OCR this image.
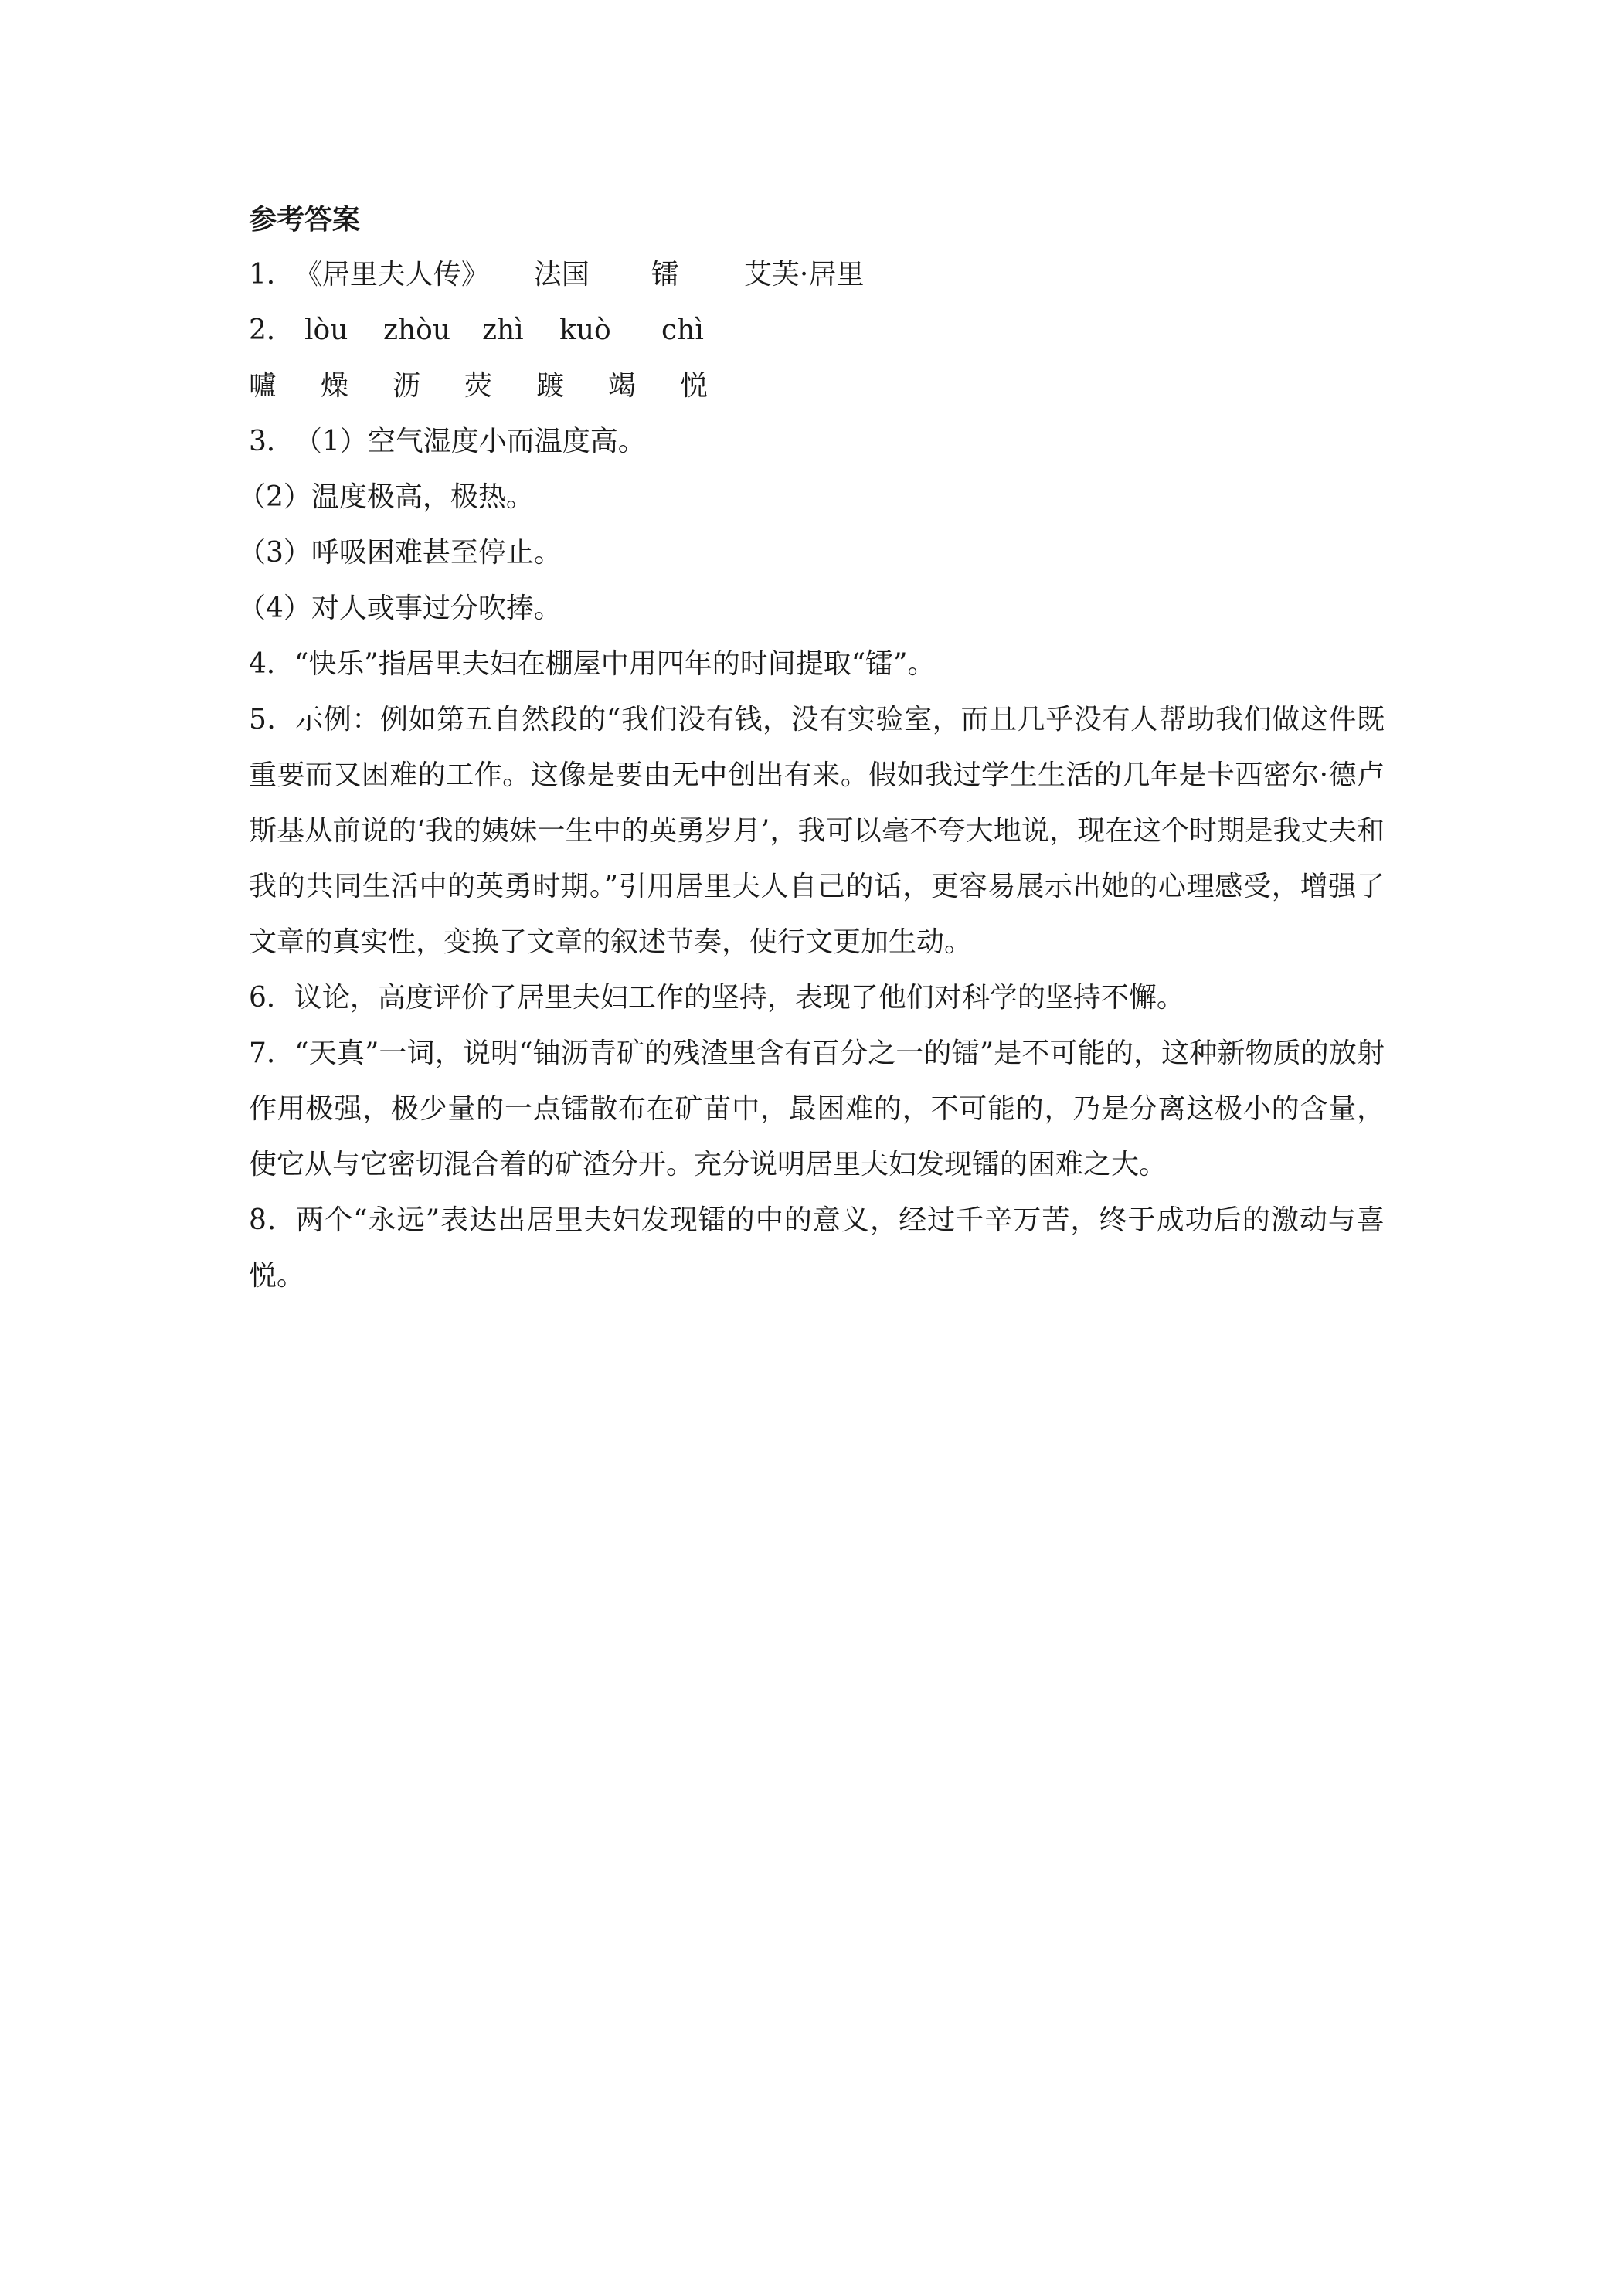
参考答案
1．《居里夫人传》 法国 镭 艾芙·居里
2． lòu zhòu zhì kuò chì
嚧 燥 沥 荧 踱 竭 悦
3．（1）空气湿度小而温度高。
（2）温度极高，极热。
（3）呼吸困难甚至停止。
（4）对人或事过分吹捧。
4．“快乐”指居里夫妇在棚屋中用四年的时间提取“镭”。
5．示例：例如第五自然段的“我们没有钱，没有实验室，而且几乎没有人帮助我们做这件既重要而又困难的工作。这像是要由无中创出有来。假如我过学生生活的几年是卡西密尔·德卢斯基从前说的‘我的姨妹一生中的英勇岁月’，我可以毫不夸大地说，现在这个时期是我丈夫和我的共同生活中的英勇时期。”引用居里夫人自己的话，更容易展示出她的心理感受，增强了文章的真实性，变换了文章的叙述节奏，使行文更加生动。
6．议论，高度评价了居里夫妇工作的坚持，表现了他们对科学的坚持不懈。
7．“天真”一词，说明“铀沥青矿的残渣里含有百分之一的镭”是不可能的，这种新物质的放射作用极强，极少量的一点镭散布在矿苗中，最困难的，不可能的，乃是分离这极小的含量，使它从与它密切混合着的矿渣分开。充分说明居里夫妇发现镭的困难之大。
8．两个“永远”表达出居里夫妇发现镭的中的意义，经过千辛万苦，终于成功后的激动与喜悦。
